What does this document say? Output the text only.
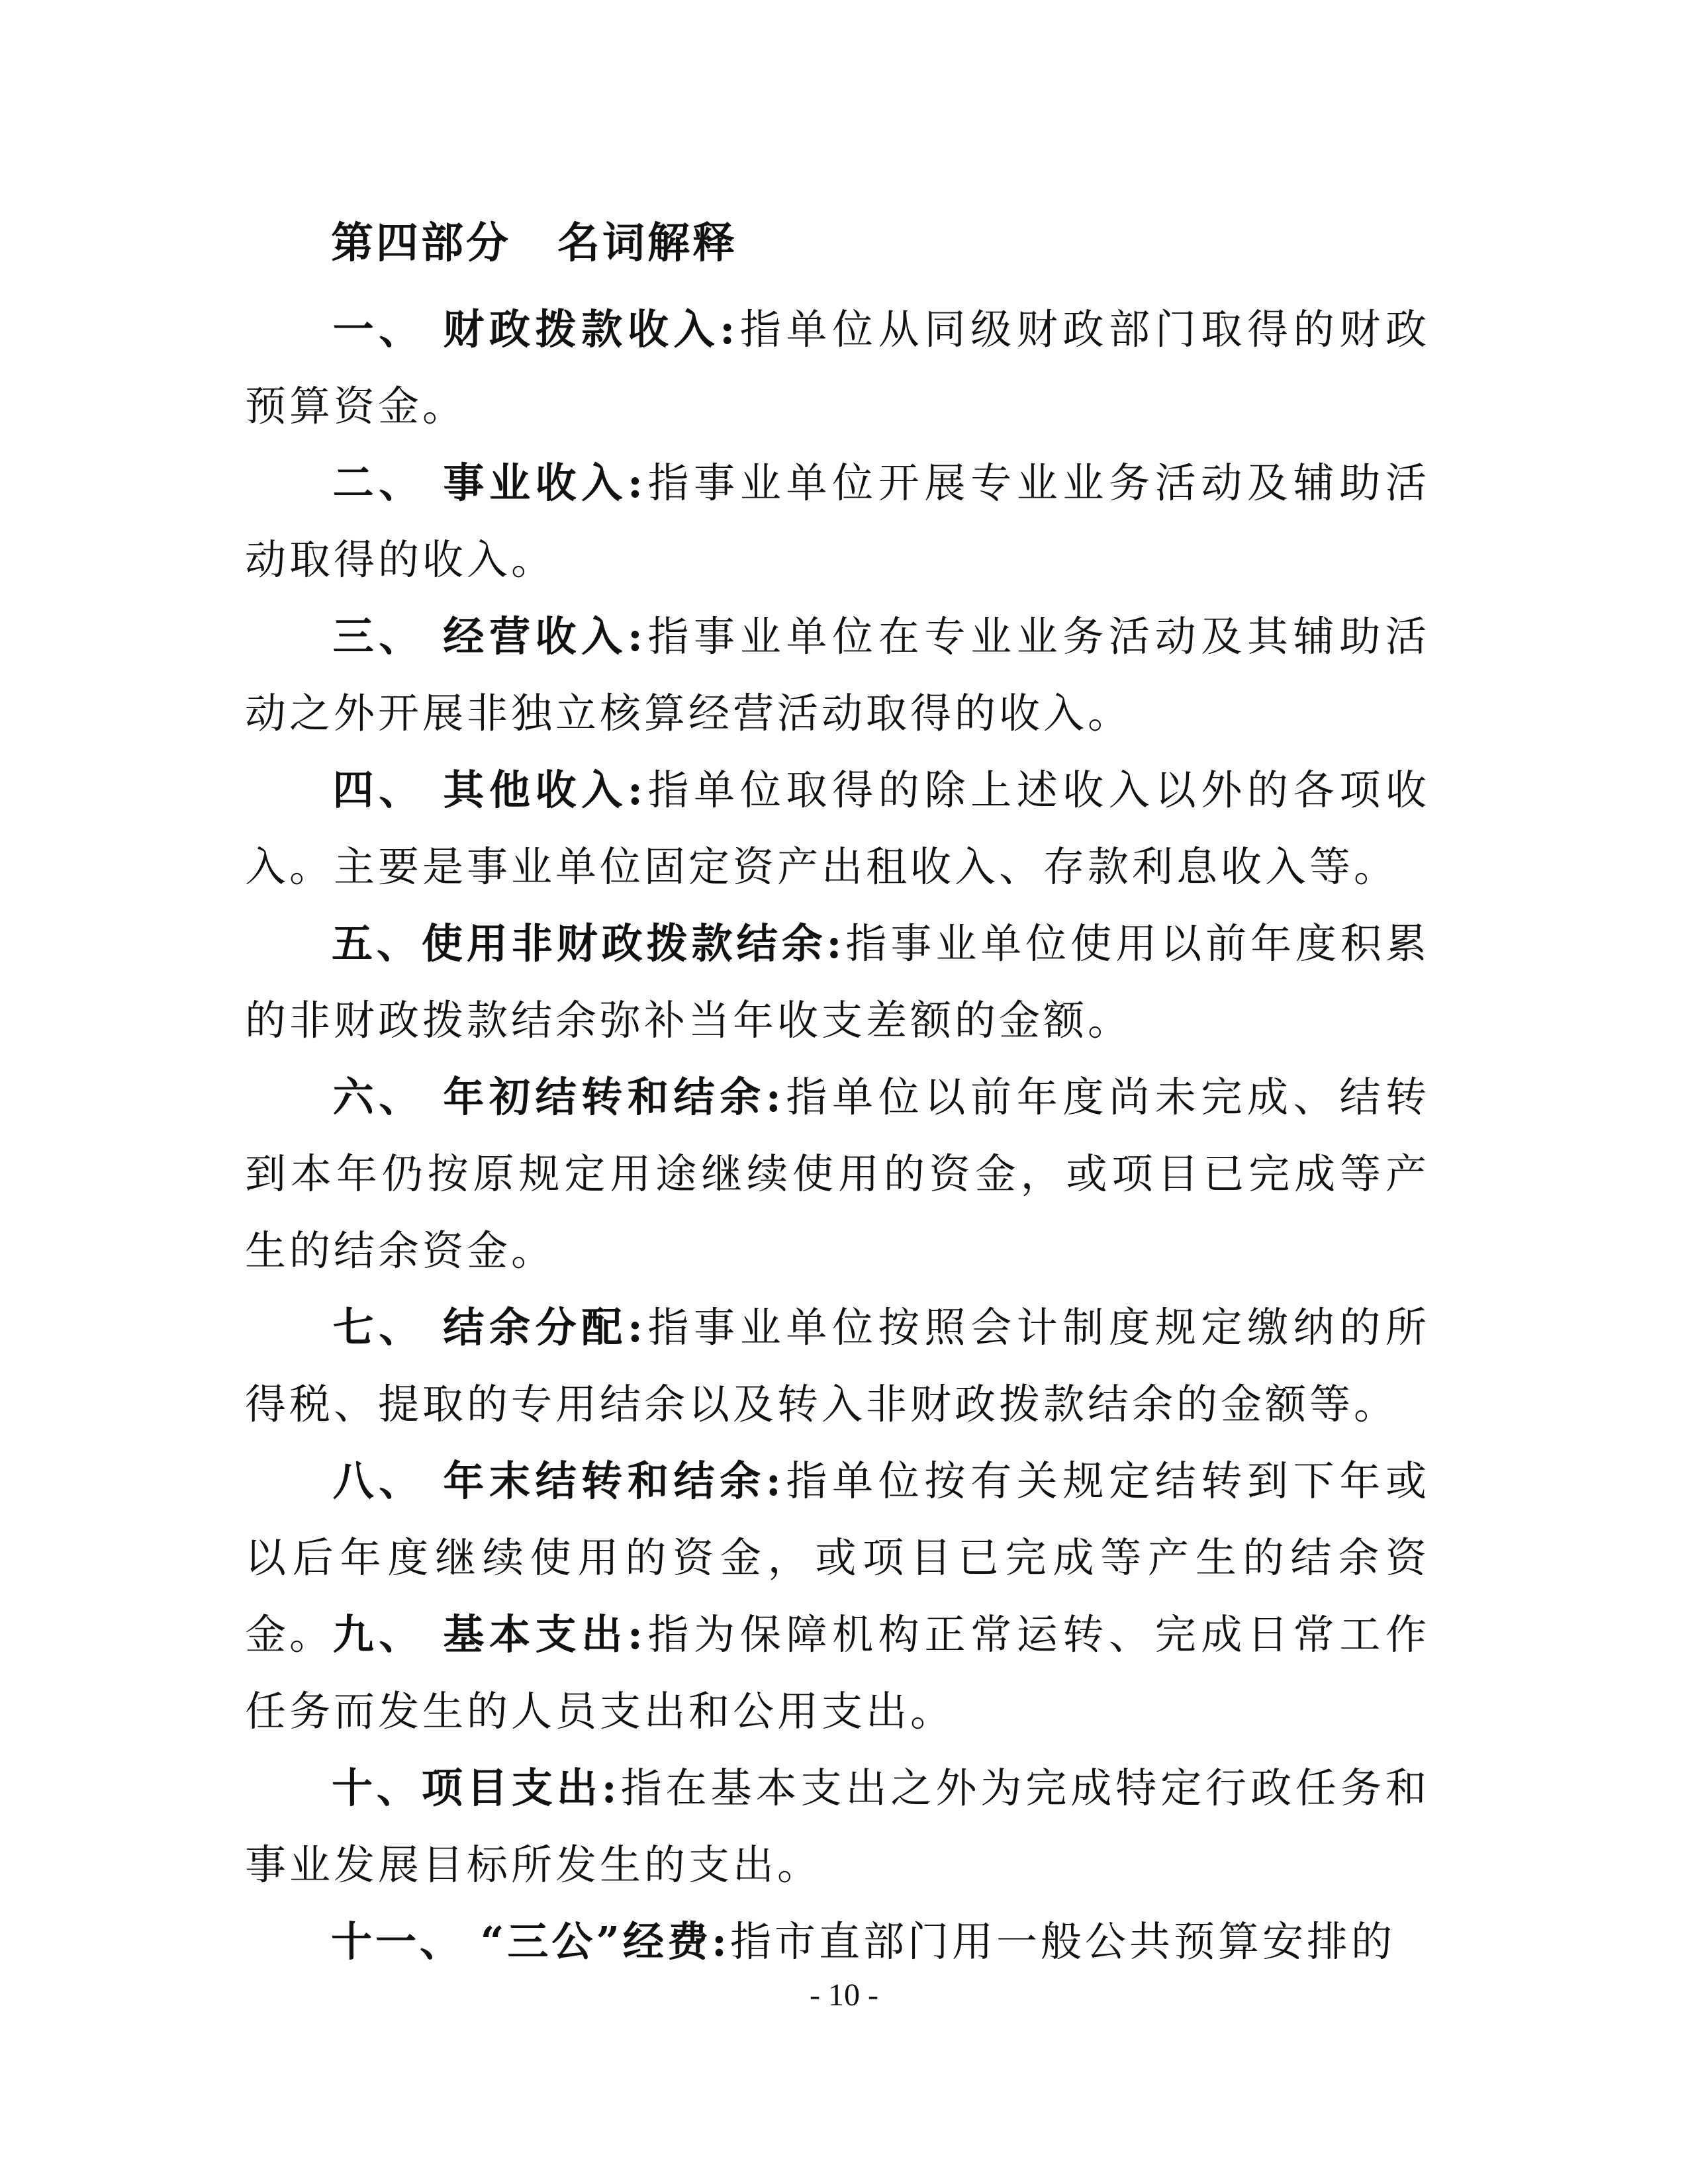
第四部分 名词解释

一、 财政拨款收入:指单位从同级财政部门取得的财政预算资金。

二、 事业收入:指事业单位开展专业业务活动及辅助活动取得的收入。

三、 经营收入:指事业单位在专业业务活动及其辅助活动之外开展非独立核算经营活动取得的收入。

四、 其他收入:指单位取得的除上述收入以外的各项收入。主要是事业单位固定资产出租收入、存款利息收入等。

五、使用非财政拨款结余:指事业单位使用以前年度积累的非财政拨款结余弥补当年收支差额的金额。

六、 年初结转和结余:指单位以前年度尚未完成、结转到本年仍按原规定用途继续使用的资金，或项目已完成等产生的结余资金。

七、 结余分配:指事业单位按照会计制度规定缴纳的所得税、提取的专用结余以及转入非财政拨款结余的金额等。

八、 年末结转和结余:指单位按有关规定结转到下年或以后年度继续使用的资金，或项目已完成等产生的结余资金。

九、 基本支出:指为保障机构正常运转、完成日常工作任务而发生的人员支出和公用支出。

十、项目支出:指在基本支出之外为完成特定行政任务和事业发展目标所发生的支出。

十一、 “三公”经费:指市直部门用一般公共预算安排的

- 10 -
